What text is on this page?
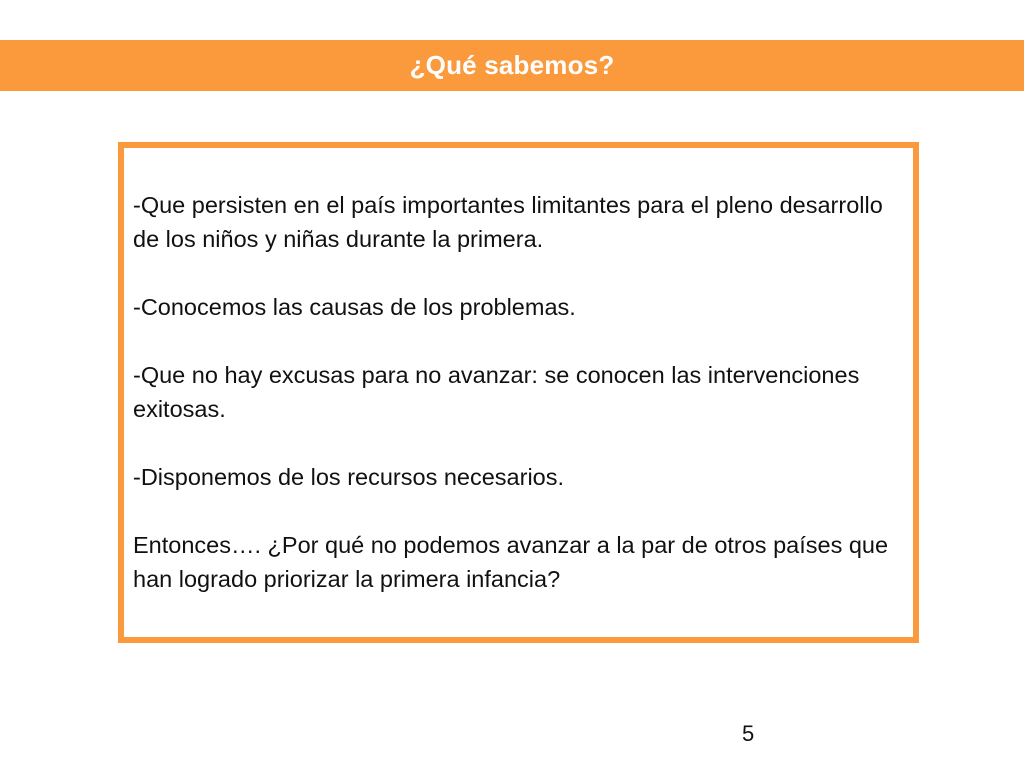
¿Qué sabemos?

-Que persisten en el país importantes limitantes para el pleno desarrollo de los niños y niñas durante la primera.

-Conocemos las causas de los problemas.

-Que no hay excusas para no avanzar: se conocen las intervenciones exitosas.

-Disponemos de los recursos necesarios.

Entonces…. ¿Por qué no podemos avanzar a la par de otros países que han logrado priorizar la primera infancia?

5
